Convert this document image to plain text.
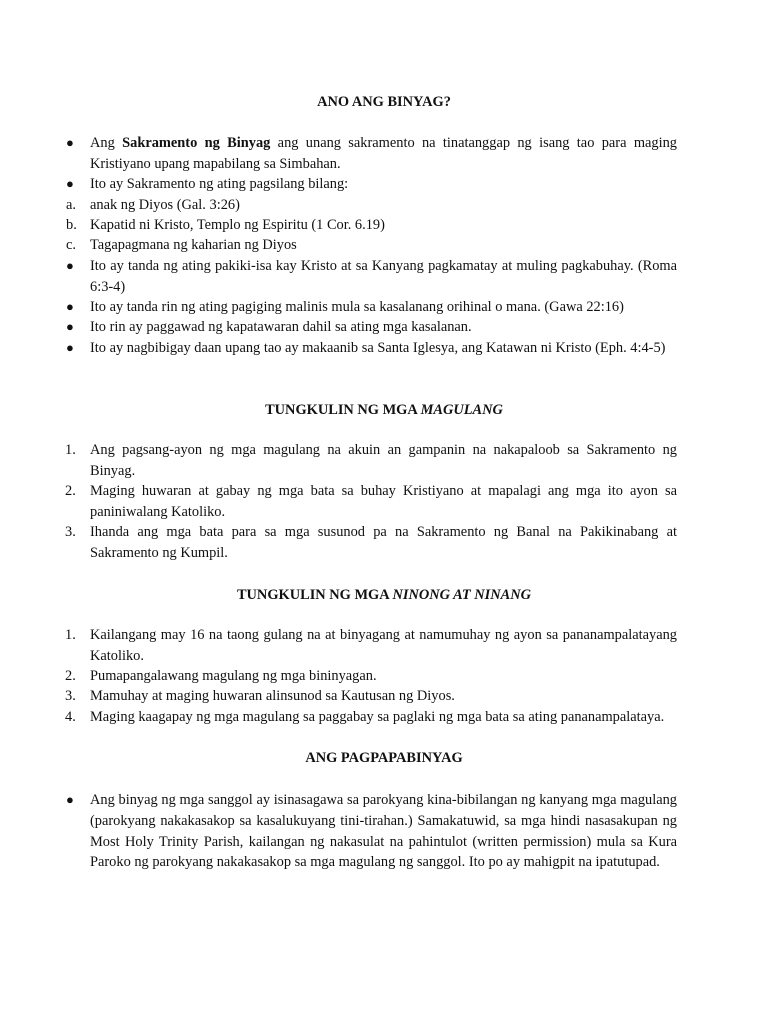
ANO ANG BINYAG?
● Ang Sakramento ng Binyag ang unang sakramento na tinatanggap ng isang tao para maging Kristiyano upang mapabilang sa Simbahan.
● Ito ay Sakramento ng ating pagsilang bilang:
a. anak ng Diyos (Gal. 3:26)
b. Kapatid ni Kristo, Templo ng Espiritu (1 Cor. 6.19)
c. Tagapagmana ng kaharian ng Diyos
● Ito ay tanda ng ating pakiki-isa kay Kristo at sa Kanyang pagkamatay at muling pagkabuhay. (Roma 6:3-4)
● Ito ay tanda rin ng ating pagiging malinis mula sa kasalanang orihinal o mana. (Gawa 22:16)
● Ito rin ay paggawad ng kapatawaran dahil sa ating mga kasalanan.
● Ito ay nagbibigay daan upang tao ay makaanib sa Santa Iglesya, ang Katawan ni Kristo (Eph. 4:4-5)
TUNGKULIN NG MGA MAGULANG
1. Ang pagsang-ayon ng mga magulang na akuin an gampanin na nakapaloob sa Sakramento ng Binyag.
2. Maging huwaran at gabay ng mga bata sa buhay Kristiyano at mapalagi ang mga ito ayon sa paniniwalang Katoliko.
3. Ihanda ang mga bata para sa mga susunod pa na Sakramento ng Banal na Pakikinabang at Sakramento ng Kumpil.
TUNGKULIN NG MGA NINONG AT NINANG
1. Kailangang may 16 na taong gulang na at binyagang at namumuhay ng ayon sa pananampalatayang Katoliko.
2. Pumapangalawang magulang ng mga bininyagan.
3. Mamuhay at maging huwaran alinsunod sa Kautusan ng Diyos.
4. Maging kaagapay ng mga magulang sa paggabay sa paglaki ng mga bata sa ating pananampalataya.
ANG PAGPAPABINYAG
● Ang binyag ng mga sanggol ay isinasagawa sa parokyang kina-bibilangan ng kanyang mga magulang (parokyang nakakasakop sa kasalukuyang tini-tirahan.) Samakatuwid, sa mga hindi nasasakupan ng Most Holy Trinity Parish, kailangan ng nakasulat na pahintulot (written permission) mula sa Kura Paroko ng parokyang nakakasakop sa mga magulang ng sanggol. Ito po ay mahigpit na ipatutupad.
